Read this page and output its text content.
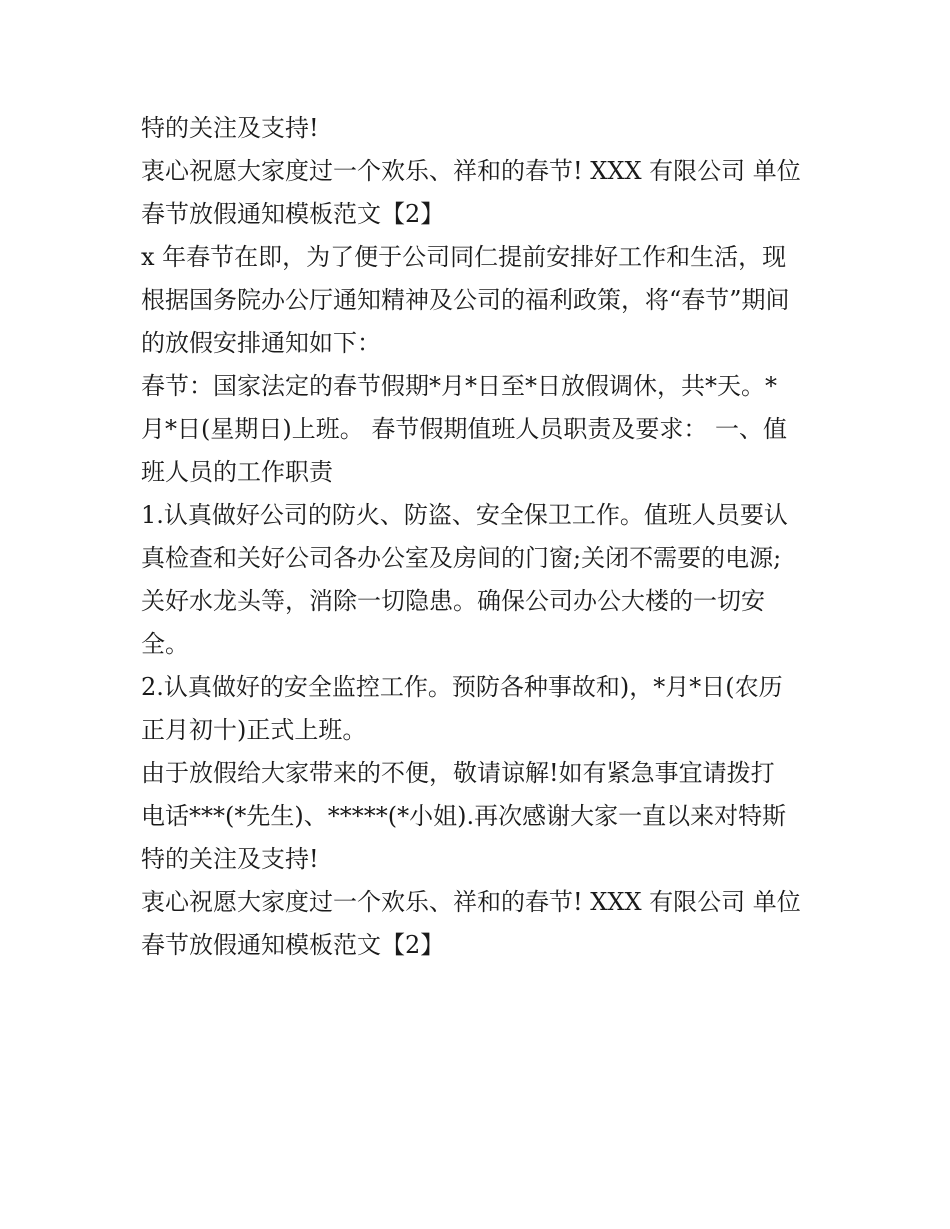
特的关注及支持!
衷心祝愿大家度过一个欢乐、祥和的春节! XXX 有限公司 单位
春节放假通知模板范文【2】
x 年春节在即，为了便于公司同仁提前安排好工作和生活，现
根据国务院办公厅通知精神及公司的福利政策，将“春节”期间
的放假安排通知如下：
春节：国家法定的春节假期*月*日至*日放假调休，共*天。*
月*日(星期日)上班。 春节假期值班人员职责及要求： 一、值
班人员的工作职责
1.认真做好公司的防火、防盗、安全保卫工作。值班人员要认
真检查和关好公司各办公室及房间的门窗;关闭不需要的电源;
关好水龙头等，消除一切隐患。确保公司办公大楼的一切安
全。
2.认真做好的安全监控工作。预防各种事故和)，*月*日(农历
正月初十)正式上班。
由于放假给大家带来的不便，敬请谅解!如有紧急事宜请拨打
电话***(*先生)、*****(*小姐).再次感谢大家一直以来对特斯
特的关注及支持!
衷心祝愿大家度过一个欢乐、祥和的春节! XXX 有限公司 单位
春节放假通知模板范文【2】
